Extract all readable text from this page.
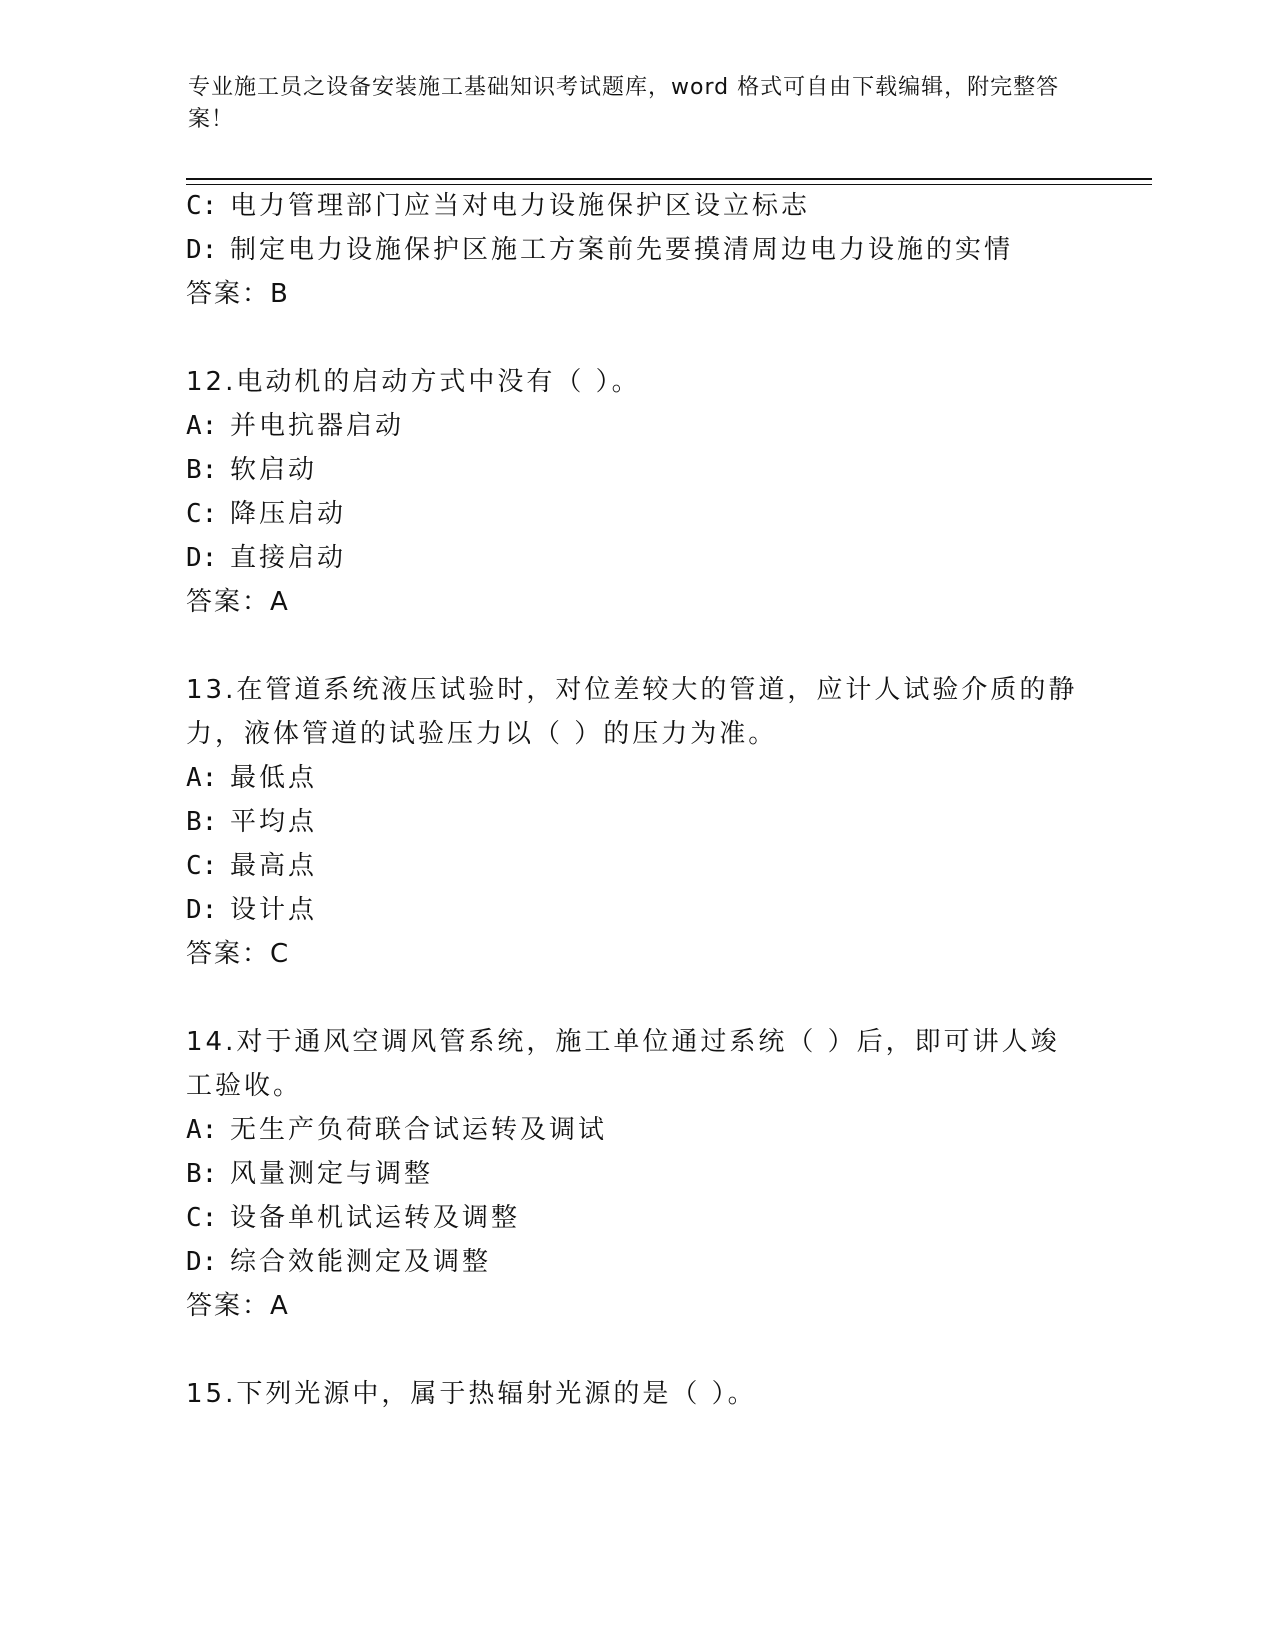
专业施工员之设备安装施工基础知识考试题库，word 格式可自由下载编辑，附完整答案！
C: 电力管理部门应当对电力设施保护区设立标志
D: 制定电力设施保护区施工方案前先要摸清周边电力设施的实情
答案：B
12.电动机的启动方式中没有（ ）。
A: 并电抗器启动
B: 软启动
C: 降压启动
D: 直接启动
答案：A
13.在管道系统液压试验时，对位差较大的管道，应计人试验介质的静
力，液体管道的试验压力以（ ）的压力为准。
A: 最低点
B: 平均点
C: 最高点
D: 设计点
答案：C
14.对于通风空调风管系统，施工单位通过系统（ ）后，即可讲人竣
工验收。
A: 无生产负荷联合试运转及调试
B: 风量测定与调整
C: 设备单机试运转及调整
D: 综合效能测定及调整
答案：A
15.下列光源中，属于热辐射光源的是（ ）。
